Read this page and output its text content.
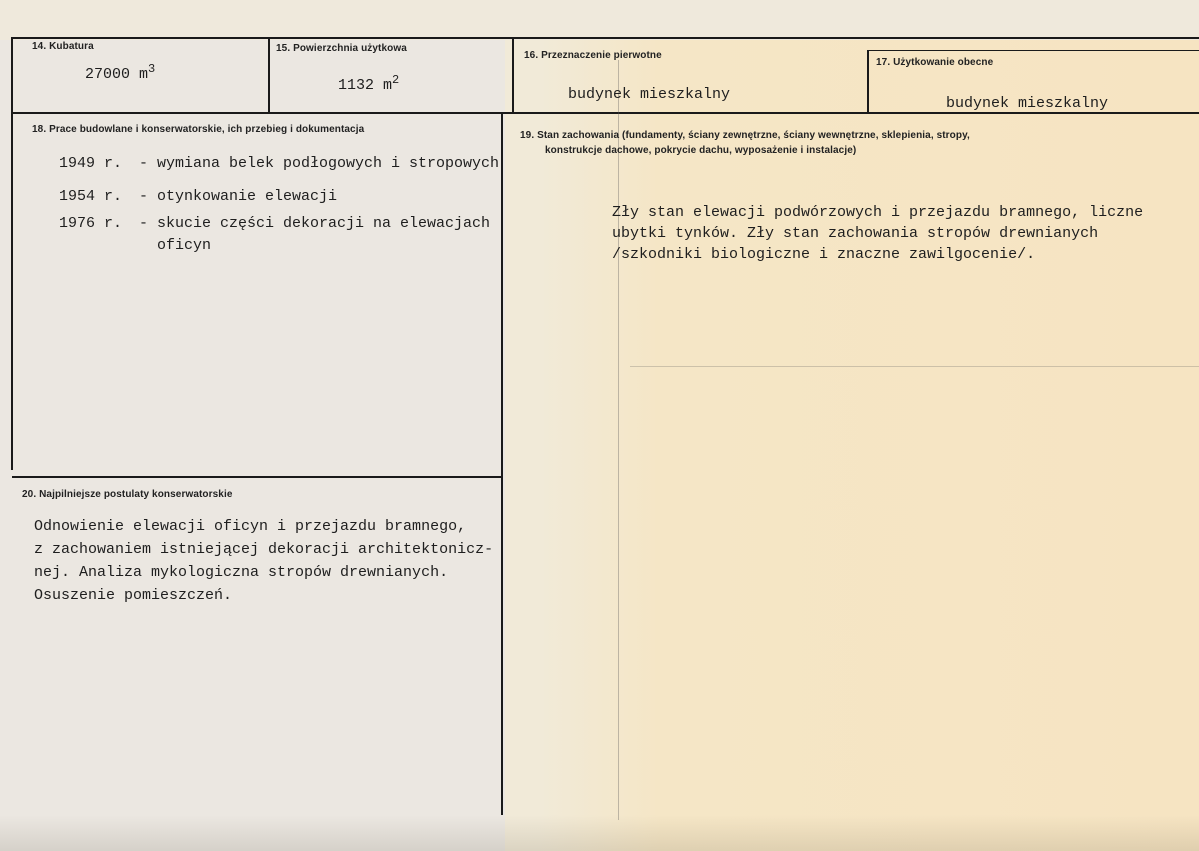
14. Kubatura
27000 $m^3$
15. Powierzchnia użytkowa
1132 $m^2$
16. Przeznaczenie pierwotne
budynek mieszkalny
17. Użytkowanie obecne
budynek mieszkalny
18. Prace budowlane i konserwatorskie, ich przebieg i dokumentacja
1949 r. - wymiana belek podłogowych i stropowych
1954 r. - otynkowanie elewacji
1976 r. - skucie części dekoracji na elewacjach
oficyn
19. Stan zachowania (fundamenty, ściany zewnętrzne, ściany wewnętrzne, sklepienia, stropy,
konstrukcje dachowe, pokrycie dachu, wyposażenie i instalacje)
Zły stan elewacji podwórzowych i przejazdu bramnego, liczne
ubytki tynków. Zły stan zachowania stropów drewnianych
/szkodniki biologiczne i znaczne zawilgocenie/.
20. Najpilniejsze postulaty konserwatorskie
Odnowienie elewacji oficyn i przejazdu bramnego,
z zachowaniem istniejącej dekoracji architektonicz-
nej. Analiza mykologiczna stropów drewnianych.
Osuszenie pomieszczeń.
